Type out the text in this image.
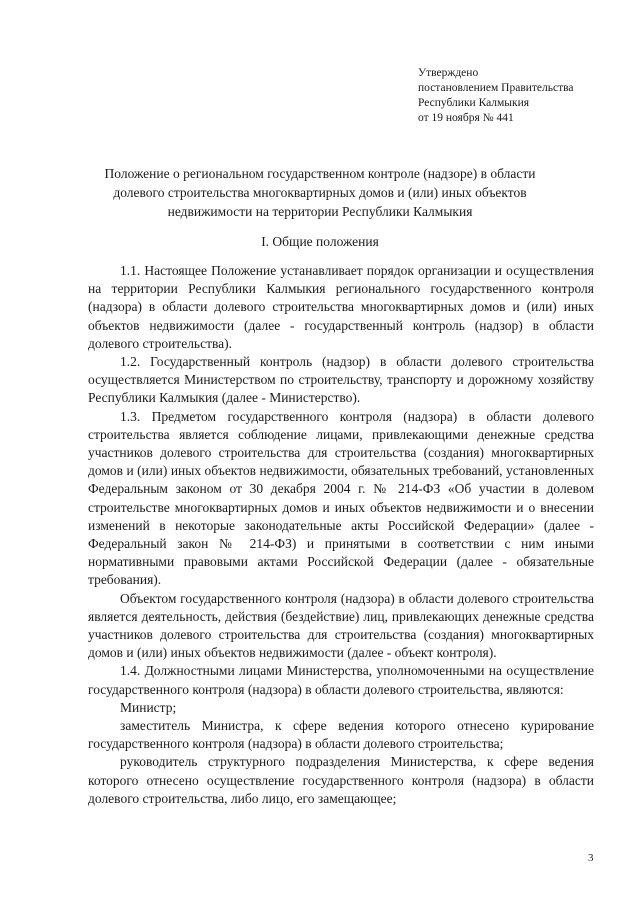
Утверждено
постановлением Правительства
Республики Калмыкия
от 19 ноября № 441
Положение о региональном государственном контроле (надзоре) в области
долевого строительства многоквартирных домов и (или) иных объектов
недвижимости на территории Республики Калмыкия
I. Общие положения

1.1. Настоящее Положение устанавливает порядок организации и осуществления на территории Республики Калмыкия регионального государственного контроля (надзора) в области долевого строительства многоквартирных домов и (или) иных объектов недвижимости (далее - государственный контроль (надзор) в области долевого строительства).

1.2. Государственный контроль (надзор) в области долевого строительства осуществляется Министерством по строительству, транспорту и дорожному хозяйству Республики Калмыкия (далее - Министерство).

1.3. Предметом государственного контроля (надзора) в области долевого строительства является соблюдение лицами, привлекающими денежные средства участников долевого строительства для строительства (создания) многоквартирных домов и (или) иных объектов недвижимости, обязательных требований, установленных Федеральным законом от 30 декабря 2004 г. № 214-ФЗ «Об участии в долевом строительстве многоквартирных домов и иных объектов недвижимости и о внесении изменений в некоторые законодательные акты Российской Федерации» (далее - Федеральный закон № 214-ФЗ) и принятыми в соответствии с ним иными нормативными правовыми актами Российской Федерации (далее - обязательные требования).

Объектом государственного контроля (надзора) в области долевого строительства является деятельность, действия (бездействие) лиц, привлекающих денежные средства участников долевого строительства для строительства (создания) многоквартирных домов и (или) иных объектов недвижимости (далее - объект контроля).

1.4. Должностными лицами Министерства, уполномоченными на осуществление государственного контроля (надзора) в области долевого строительства, являются:

Министр;

заместитель Министра, к сфере ведения которого отнесено курирование государственного контроля (надзора) в области долевого строительства;

руководитель структурного подразделения Министерства, к сфере ведения которого отнесено осуществление государственного контроля (надзора) в области долевого строительства, либо лицо, его замещающее;

3
